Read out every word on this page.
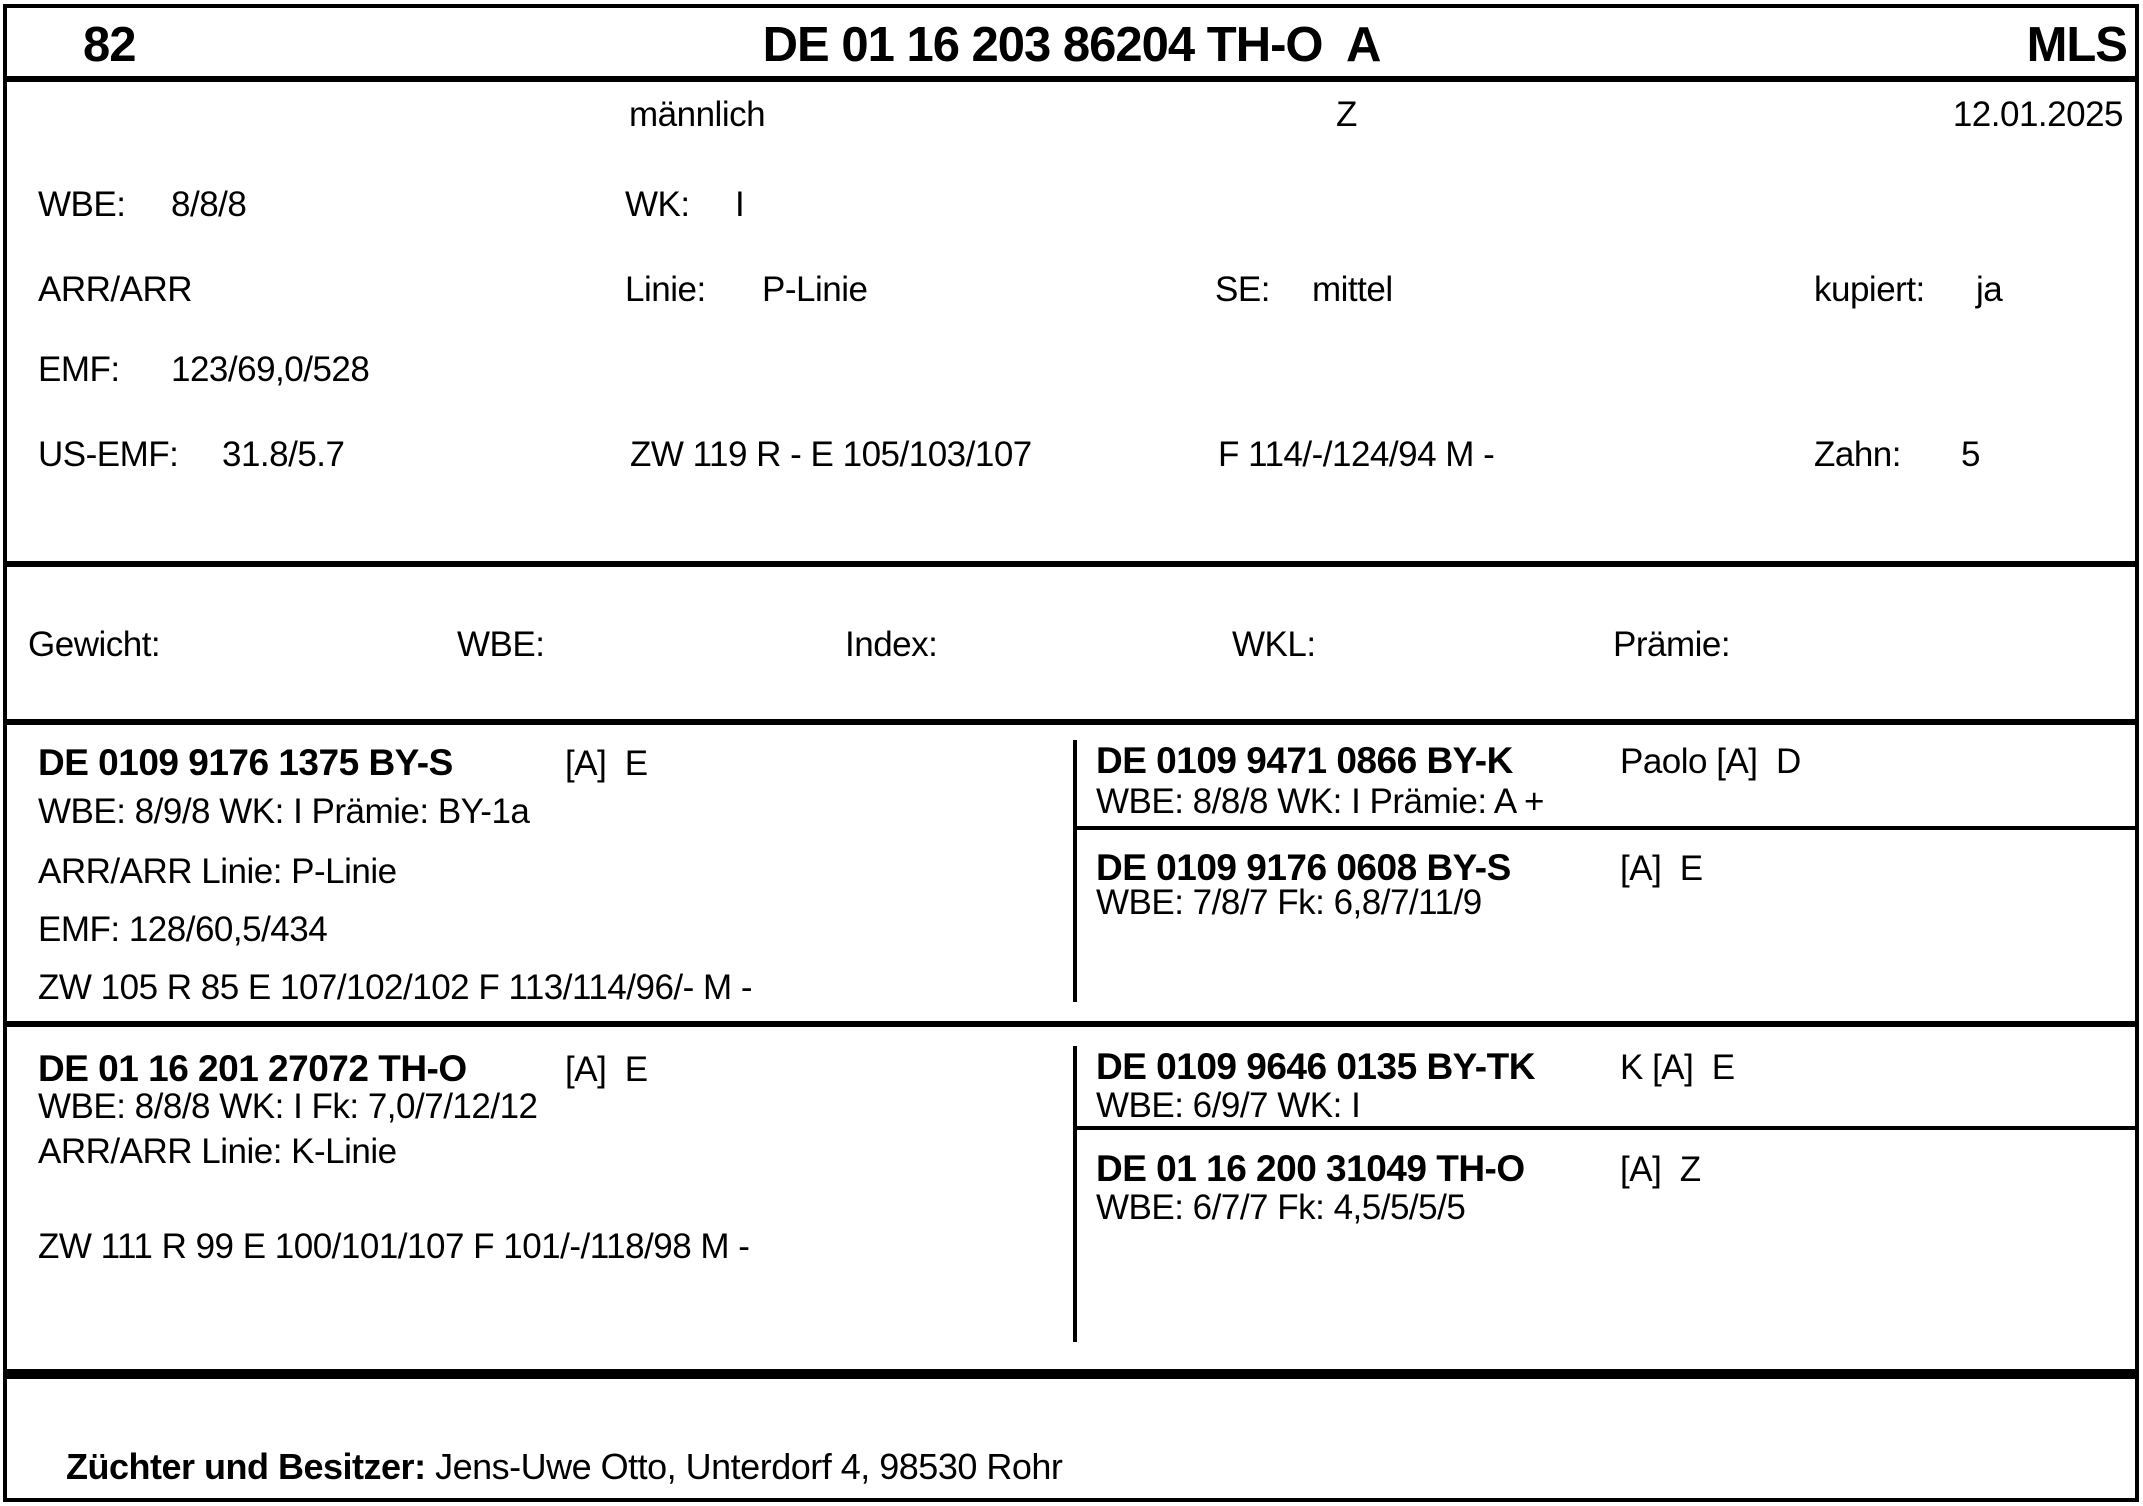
82	DE 01 16 203 86204 TH-O  A	MLS
männlich	Z	12.01.2025
WBE: 8/8/8	WK: I
ARR/ARR	Linie: P-Linie	SE: mittel	kupiert: ja
EMF: 123/69,0/528
US-EMF: 31.8/5.7	ZW 119 R - E 105/103/107	F 114/-/124/94 M -	Zahn: 5
Gewicht:	WBE:	Index:	WKL:	Prämie:
DE 0109 9176 1375 BY-S	[A]  E
WBE: 8/9/8 WK: I Prämie: BY-1a
ARR/ARR Linie: P-Linie
EMF: 128/60,5/434
ZW 105 R 85 E 107/102/102 F 113/114/96/- M -
DE 0109 9471 0866 BY-K	Paolo [A]  D
WBE: 8/8/8 WK: I Prämie: A +
DE 0109 9176 0608 BY-S	[A]  E
WBE: 7/8/7 Fk: 6,8/7/11/9
DE 01 16 201 27072 TH-O	[A]  E
WBE: 8/8/8 WK: I Fk: 7,0/7/12/12
ARR/ARR Linie: K-Linie
ZW 111 R 99 E 100/101/107 F 101/-/118/98 M -
DE 0109 9646 0135 BY-TK K [A]  E
WBE: 6/9/7 WK: I
DE 01 16 200 31049 TH-O	[A]  Z
WBE: 6/7/7 Fk: 4,5/5/5/5

Züchter und Besitzer: Jens-Uwe Otto, Unterdorf 4, 98530 Rohr
